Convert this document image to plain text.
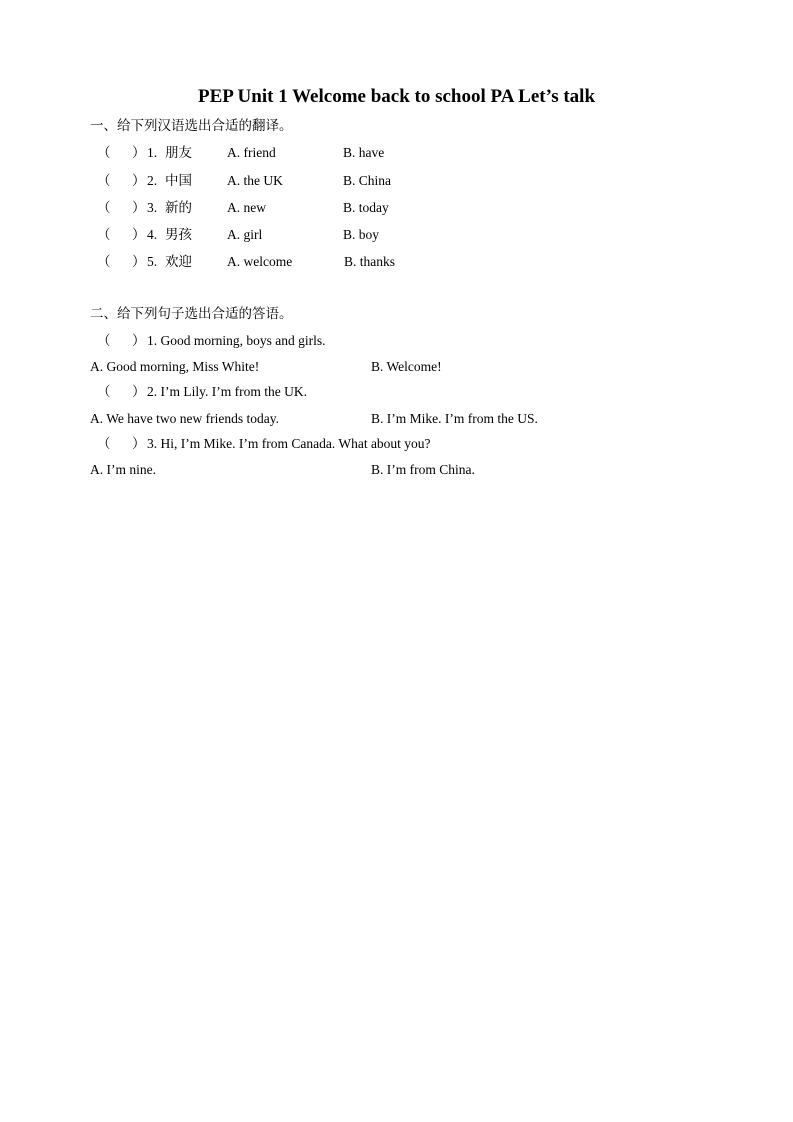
PEP Unit 1 Welcome back to school PA Let’s talk
一、给下列汉语选出合适的翻译。
（ ） 1. 朋友	A. friend	B. have
（ ） 2. 中国	A. the UK	B. China
（ ） 3. 新的	A. new	B. today
（ ） 4. 男孩	A. girl	B. boy
（ ） 5. 欢迎	A. welcome	B. thanks
二、给下列句子选出合适的答语。
（ ） 1. Good morning, boys and girls.
A. Good morning, Miss White!	B. Welcome!
（ ） 2. I’m Lily. I’m from the UK.
A. We have two new friends today.	B. I’m Mike. I’m from the US.
（ ） 3. Hi, I’m Mike. I’m from Canada. What about you?
A. I’m nine.	B. I’m from China.
